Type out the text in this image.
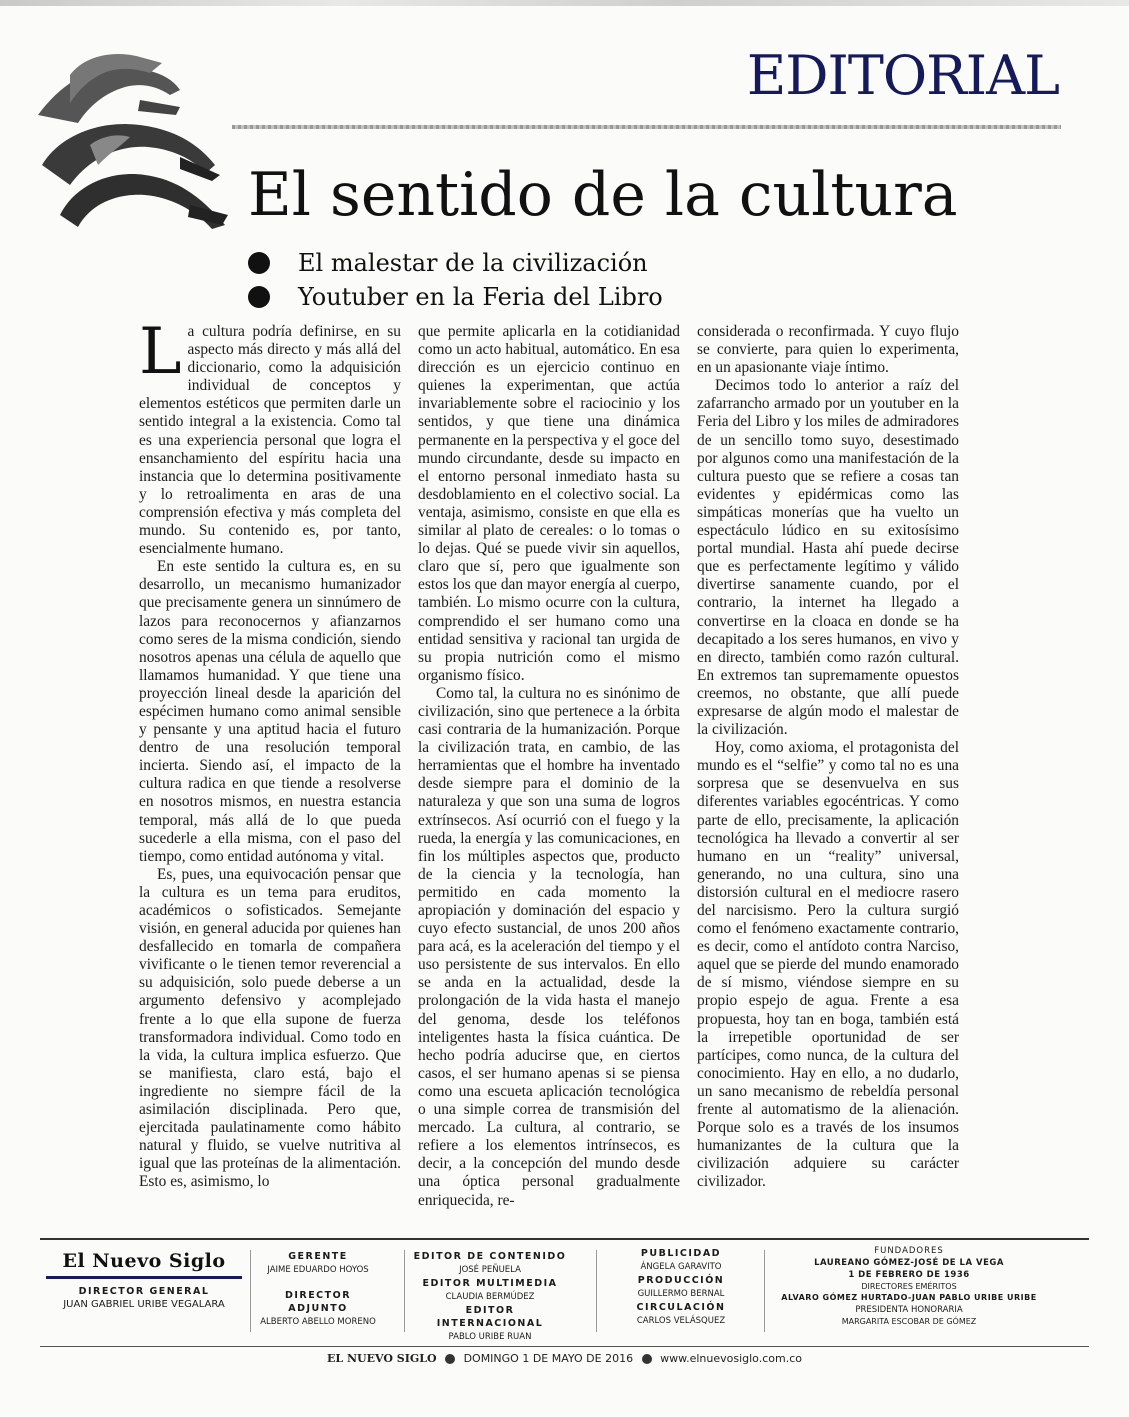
EDITORIAL
El sentido de la cultura
El malestar de la civilización
Youtuber en la Feria del Libro

La cultura podría definirse, en su aspecto más directo y más allá del diccionario, como la adquisición individual de conceptos y elementos estéticos que permiten darle un sentido integral a la existencia. Como tal es una experiencia personal que logra el ensanchamiento del espíritu hacia una instancia que lo determina positivamente y lo retroalimenta en aras de una comprensión efectiva y más completa del mundo. Su contenido es, por tanto, esencialmente humano.

En este sentido la cultura es, en su desarrollo, un mecanismo humanizador que precisamente genera un sinnúmero de lazos para reconocernos y afianzarnos como seres de la misma condición, siendo nosotros apenas una célula de aquello que llamamos humanidad. Y que tiene una proyección lineal desde la aparición del espécimen humano como animal sensible y pensante y una aptitud hacia el futuro dentro de una resolución temporal incierta. Siendo así, el impacto de la cultura radica en que tiende a resolverse en nosotros mismos, en nuestra estancia temporal, más allá de lo que pueda sucederle a ella misma, con el paso del tiempo, como entidad autónoma y vital.

Es, pues, una equivocación pensar que la cultura es un tema para eruditos, académicos o sofisticados. Semejante visión, en general aducida por quienes han desfallecido en tomarla de compañera vivificante o le tienen temor reverencial a su adquisición, solo puede deberse a un argumento defensivo y acomplejado frente a lo que ella supone de fuerza transformadora individual. Como todo en la vida, la cultura implica esfuerzo. Que se manifiesta, claro está, bajo el ingrediente no siempre fácil de la asimilación disciplinada. Pero que, ejercitada paulatinamente como hábito natural y fluido, se vuelve nutritiva al igual que las proteínas de la alimentación. Esto es, asimismo, lo

que permite aplicarla en la cotidianidad como un acto habitual, automático. En esa dirección es un ejercicio continuo en quienes la experimentan, que actúa invariablemente sobre el raciocinio y los sentidos, y que tiene una dinámica permanente en la perspectiva y el goce del mundo circundante, desde su impacto en el entorno personal inmediato hasta su desdoblamiento en el colectivo social. La ventaja, asimismo, consiste en que ella es similar al plato de cereales: o lo tomas o lo dejas. Qué se puede vivir sin aquellos, claro que sí, pero que igualmente son estos los que dan mayor energía al cuerpo, también. Lo mismo ocurre con la cultura, comprendido el ser humano como una entidad sensitiva y racional tan urgida de su propia nutrición como el mismo organismo físico.

Como tal, la cultura no es sinónimo de civilización, sino que pertenece a la órbita casi contraria de la humanización. Porque la civilización trata, en cambio, de las herramientas que el hombre ha inventado desde siempre para el dominio de la naturaleza y que son una suma de logros extrínsecos. Así ocurrió con el fuego y la rueda, la energía y las comunicaciones, en fin los múltiples aspectos que, producto de la ciencia y la tecnología, han permitido en cada momento la apropiación y dominación del espacio y cuyo efecto sustancial, de unos 200 años para acá, es la aceleración del tiempo y el uso persistente de sus intervalos. En ello se anda en la actualidad, desde la prolongación de la vida hasta el manejo del genoma, desde los teléfonos inteligentes hasta la física cuántica. De hecho podría aducirse que, en ciertos casos, el ser humano apenas si se piensa como una escueta aplicación tecnológica o una simple correa de transmisión del mercado. La cultura, al contrario, se refiere a los elementos intrínsecos, es decir, a la concepción del mundo desde una óptica personal gradualmente enriquecida, re-

considerada o reconfirmada. Y cuyo flujo se convierte, para quien lo experimenta, en un apasionante viaje íntimo.

Decimos todo lo anterior a raíz del zafarrancho armado por un youtuber en la Feria del Libro y los miles de admiradores de un sencillo tomo suyo, desestimado por algunos como una manifestación de la cultura puesto que se refiere a cosas tan evidentes y epidérmicas como las simpáticas monerías que ha vuelto un espectáculo lúdico en su exitosísimo portal mundial. Hasta ahí puede decirse que es perfectamente legítimo y válido divertirse sanamente cuando, por el contrario, la internet ha llegado a convertirse en la cloaca en donde se ha decapitado a los seres humanos, en vivo y en directo, también como razón cultural. En extremos tan supremamente opuestos creemos, no obstante, que allí puede expresarse de algún modo el malestar de la civilización.

Hoy, como axioma, el protagonista del mundo es el “selfie” y como tal no es una sorpresa que se desenvuelva en sus diferentes variables egocéntricas. Y como parte de ello, precisamente, la aplicación tecnológica ha llevado a convertir al ser humano en un “reality” universal, generando, no una cultura, sino una distorsión cultural en el mediocre rasero del narcisismo. Pero la cultura surgió como el fenómeno exactamente contrario, es decir, como el antídoto contra Narciso, aquel que se pierde del mundo enamorado de sí mismo, viéndose siempre en su propio espejo de agua. Frente a esa propuesta, hoy tan en boga, también está la irrepetible oportunidad de ser partícipes, como nunca, de la cultura del conocimiento. Hay en ello, a no dudarlo, un sano mecanismo de rebeldía personal frente al automatismo de la alienación. Porque solo es a través de los insumos humanizantes de la cultura que la civilización adquiere su carácter civilizador.

El Nuevo Siglo
DIRECTOR GENERAL
JUAN GABRIEL URIBE VEGALARA
GERENTE
JAIME EDUARDO HOYOS
DIRECTOR ADJUNTO
ALBERTO ABELLO MORENO
EDITOR DE CONTENIDO
JOSÉ PEÑUELA
EDITOR MULTIMEDIA
CLAUDIA BERMÚDEZ
EDITOR INTERNACIONAL
PABLO URIBE RUAN
PUBLICIDAD
ÁNGELA GARAVITO
PRODUCCIÓN
GUILLERMO BERNAL
CIRCULACIÓN
CARLOS VELÁSQUEZ
FUNDADORES
LAUREANO GÓMEZ-JOSÉ DE LA VEGA
1 DE FEBRERO DE 1936
DIRECTORES EMÉRITOS
ALVARO GÓMEZ HURTADO-JUAN PABLO URIBE URIBE
PRESIDENTA HONORARIA
MARGARITA ESCOBAR DE GÓMEZ
EL NUEVO SIGLO DOMINGO 1 DE MAYO DE 2016 www.elnuevosiglo.com.co
